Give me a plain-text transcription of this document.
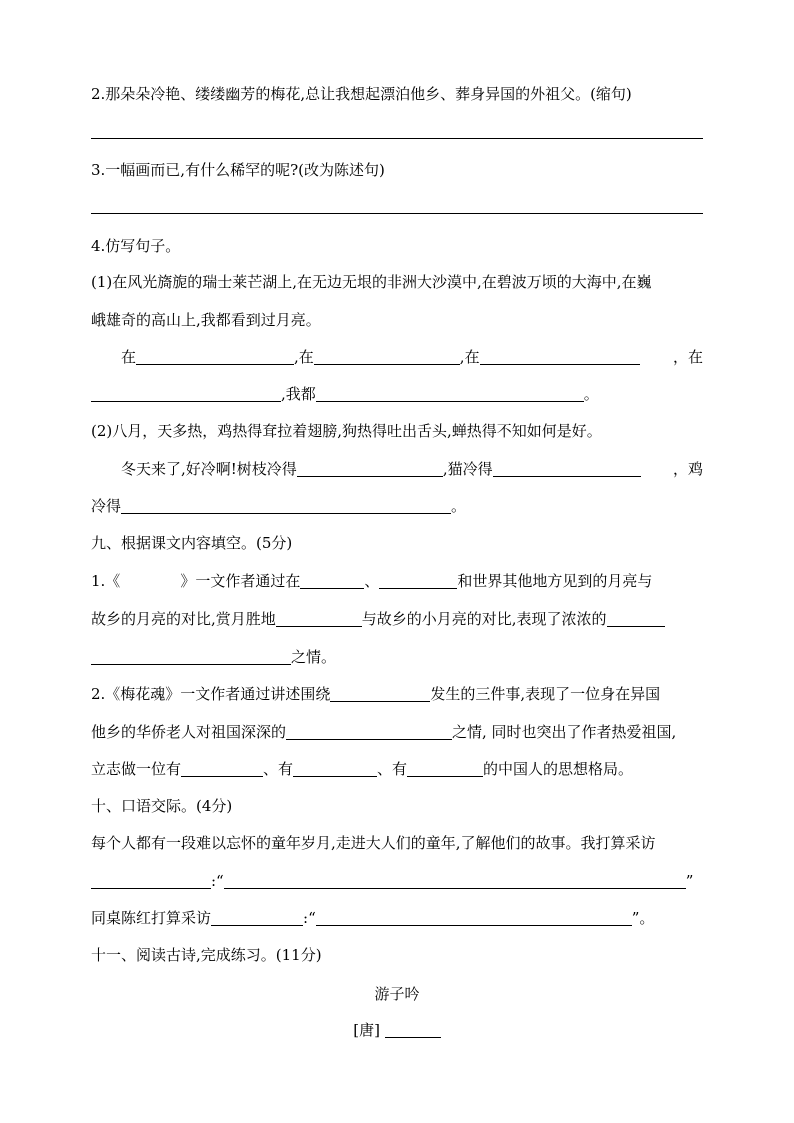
2.那朵朵冷艳、缕缕幽芳的梅花,总让我想起漂泊他乡、葬身异国的外祖父。(缩句)
3.一幅画而已,有什么稀罕的呢?(改为陈述句)
4.仿写句子。
(1)在风光旖旎的瑞士莱芒湖上,在无边无垠的非洲大沙漠中,在碧波万顷的大海中,在巍
峨雄奇的高山上,我都看到过月亮。
在	,在	,在	，在
,我都	。
(2)八月，天多热，鸡热得耷拉着翅膀,狗热得吐出舌头,蝉热得不知如何是好。
冬天来了,好冷啊!树枝冷得	,猫冷得	，鸡
冷得	。
九、根据课文内容填空。(5分)
1.《	》一文作者通过在	、	和世界其他地方见到的月亮与
故乡的月亮的对比,赏月胜地	与故乡的小月亮的对比,表现了浓浓的
之情。
2.《梅花魂》一文作者通过讲述围绕	发生的三件事,表现了一位身在异国
他乡的华侨老人对祖国深深的	之情, 同时也突出了作者热爱祖国,
立志做一位有	、有	、有	的中国人的思想格局。
十、口语交际。(4分)
每个人都有一段难以忘怀的童年岁月,走进大人们的童年,了解他们的故事。我打算采访
:“	”
同桌陈红打算采访	:“	”。
十一、阅读古诗,完成练习。(11分)
游子吟
[唐]
